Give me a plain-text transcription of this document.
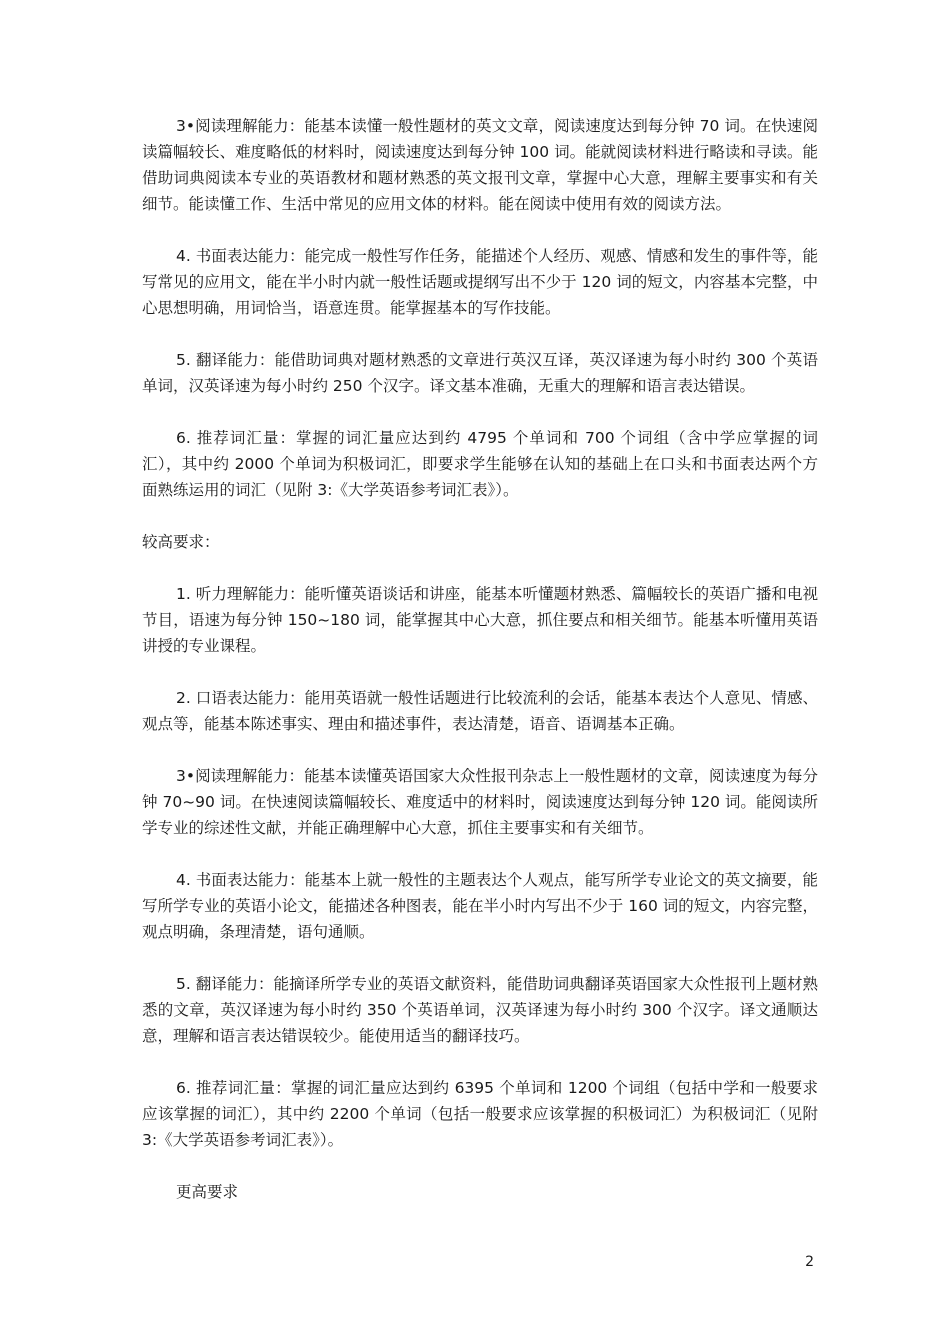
3•阅读理解能力：能基本读懂一般性题材的英文文章，阅读速度达到每分钟 70 词。在快速阅读篇幅较长、难度略低的材料时，阅读速度达到每分钟 100 词。能就阅读材料进行略读和寻读。能借助词典阅读本专业的英语教材和题材熟悉的英文报刊文章，掌握中心大意，理解主要事实和有关细节。能读懂工作、生活中常见的应用文体的材料。能在阅读中使用有效的阅读方法。

4. 书面表达能力：能完成一般性写作任务，能描述个人经历、观感、情感和发生的事件等，能写常见的应用文，能在半小时内就一般性话题或提纲写出不少于 120 词的短文，内容基本完整，中心思想明确，用词恰当，语意连贯。能掌握基本的写作技能。

5. 翻译能力：能借助词典对题材熟悉的文章进行英汉互译，英汉译速为每小时约 300 个英语单词，汉英译速为每小时约 250 个汉字。译文基本准确，无重大的理解和语言表达错误。

6. 推荐词汇量：掌握的词汇量应达到约 4795 个单词和 700 个词组（含中学应掌握的词汇），其中约 2000 个单词为积极词汇，即要求学生能够在认知的基础上在口头和书面表达两个方面熟练运用的词汇（见附 3:《大学英语参考词汇表》）。

较高要求：

1. 听力理解能力：能听懂英语谈话和讲座，能基本听懂题材熟悉、篇幅较长的英语广播和电视节目，语速为每分钟 150~180 词，能掌握其中心大意，抓住要点和相关细节。能基本听懂用英语讲授的专业课程。

2. 口语表达能力：能用英语就一般性话题进行比较流利的会话，能基本表达个人意见、情感、观点等，能基本陈述事实、理由和描述事件，表达清楚，语音、语调基本正确。

3•阅读理解能力：能基本读懂英语国家大众性报刊杂志上一般性题材的文章，阅读速度为每分钟 70~90 词。在快速阅读篇幅较长、难度适中的材料时，阅读速度达到每分钟 120 词。能阅读所学专业的综述性文献，并能正确理解中心大意，抓住主要事实和有关细节。

4. 书面表达能力：能基本上就一般性的主题表达个人观点，能写所学专业论文的英文摘要，能写所学专业的英语小论文，能描述各种图表，能在半小时内写出不少于 160 词的短文，内容完整，观点明确，条理清楚，语句通顺。

5. 翻译能力：能摘译所学专业的英语文献资料，能借助词典翻译英语国家大众性报刊上题材熟悉的文章，英汉译速为每小时约 350 个英语单词，汉英译速为每小时约 300 个汉字。译文通顺达意，理解和语言表达错误较少。能使用适当的翻译技巧。

6. 推荐词汇量：掌握的词汇量应达到约 6395 个单词和 1200 个词组（包括中学和一般要求应该掌握的词汇），其中约 2200 个单词（包括一般要求应该掌握的积极词汇）为积极词汇（见附 3:《大学英语参考词汇表》）。

更高要求

2
